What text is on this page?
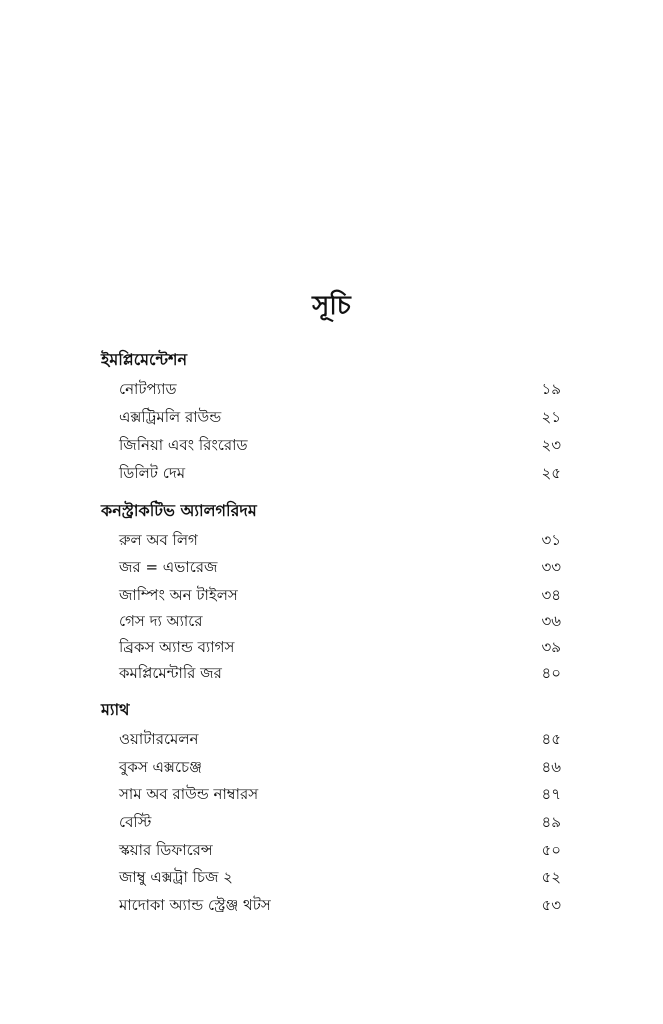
সূচি
ইমপ্লিমেন্টেশন
নোটপ্যাড	১৯
এক্সট্রিমলি রাউন্ড	২১
জিনিয়া এবং রিংরোড	২৩
ডিলিট দেম	২৫
কনস্ট্রাকটিভ অ্যালগরিদম
রুল অব লিগ	৩১
জর = এভারেজ	৩৩
জাম্পিং অন টাইলস	৩৪
গেস দ্য অ্যারে	৩৬
ব্রিকস অ্যান্ড ব্যাগস	৩৯
কমপ্লিমেন্টারি জর	৪০
ম্যাথ
ওয়াটারমেলন	৪৫
বুকস এক্সচেঞ্জ	৪৬
সাম অব রাউন্ড নাম্বারস	৪৭
বেস্টি	৪৯
স্কয়ার ডিফারেন্স	৫০
জাম্বু এক্সট্রা চিজ ২	৫২
মাদোকা অ্যান্ড স্ট্রেঞ্জ থটস	৫৩
